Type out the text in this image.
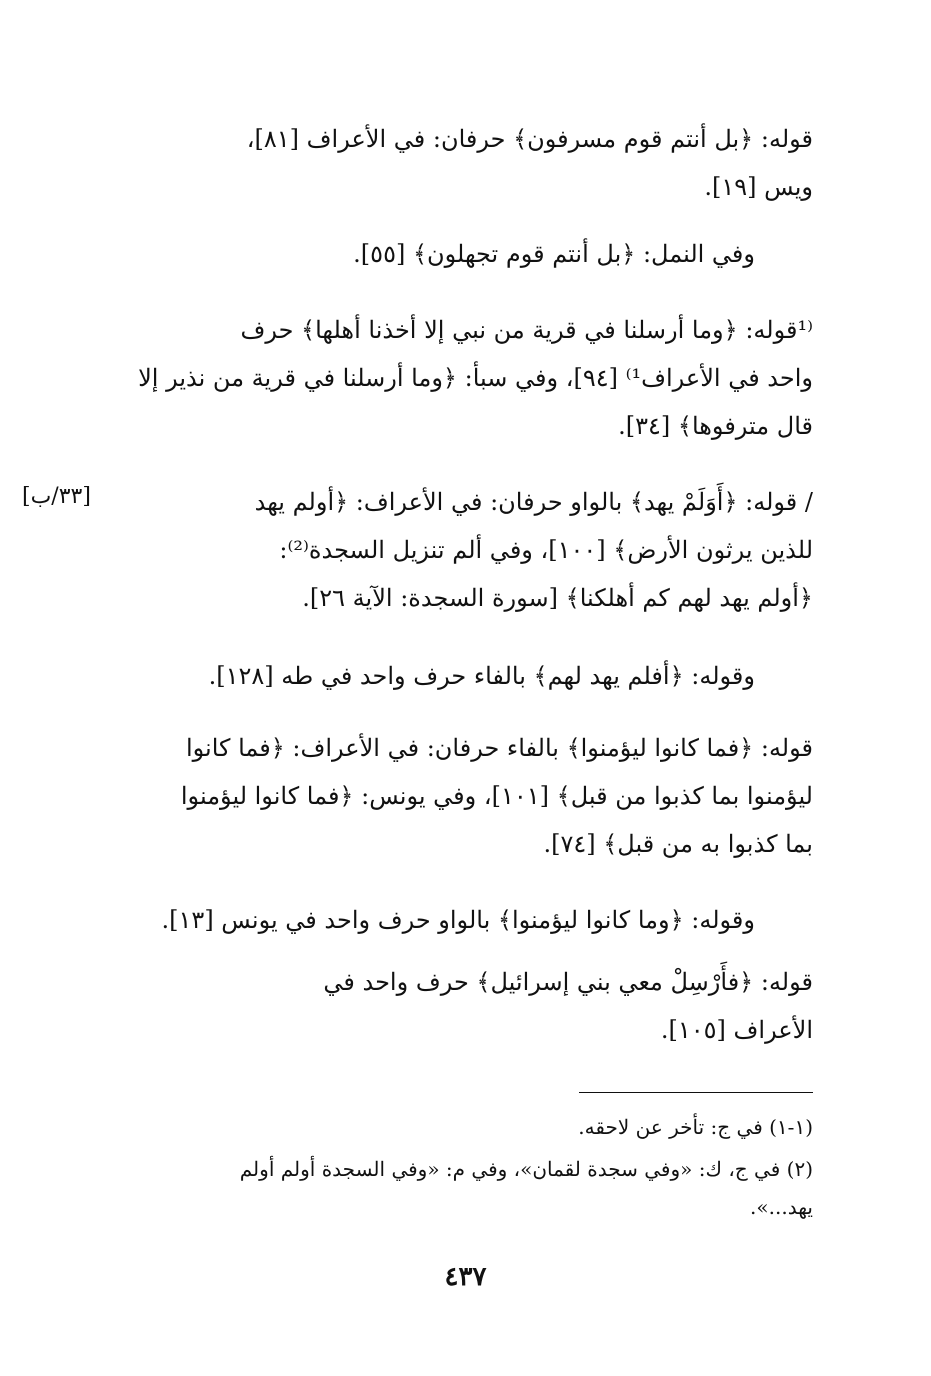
قوله: ﴿بل أنتم قوم مسرفون﴾ حرفان: في الأعراف [٨١]،
ويس [١٩].
وفي النمل: ﴿بل أنتم قوم تجهلون﴾ [٥٥].
⁽¹قوله: ﴿وما أرسلنا في قرية من نبي إلا أخذنا أهلها﴾ حرف
واحد في الأعراف¹⁾ [٩٤]، وفي سبأ: ﴿وما أرسلنا في قرية من نذير إلا
قال مترفوها﴾ [٣٤].
[٣٣/ب]	/ قوله: ﴿أَوَلَمْ يهد﴾ بالواو حرفان: في الأعراف: ﴿أولم يهد
للذين يرثون الأرض﴾ [١٠٠]، وفي ألم تنزيل السجدة⁽²⁾:
﴿أولم يهد لهم كم أهلكنا﴾ [سورة السجدة: الآية ٢٦].
وقوله: ﴿أفلم يهد لهم﴾ بالفاء حرف واحد في طه [١٢٨].
قوله: ﴿فما كانوا ليؤمنوا﴾ بالفاء حرفان: في الأعراف: ﴿فما كانوا
ليؤمنوا بما كذبوا من قبل﴾ [١٠١]، وفي يونس: ﴿فما كانوا ليؤمنوا
بما كذبوا به من قبل﴾ [٧٤].
وقوله: ﴿وما كانوا ليؤمنوا﴾ بالواو حرف واحد في يونس [١٣].
قوله: ﴿فأَرْسِلْ معي بني إسرائيل﴾ حرف واحد في
الأعراف [١٠٥].
(١-١) في ج: تأخر عن لاحقه.
(٢) في ج، ك: «وفي سجدة لقمان»، وفي م: «وفي السجدة أولم أولم
يهد...».
٤٣٧
